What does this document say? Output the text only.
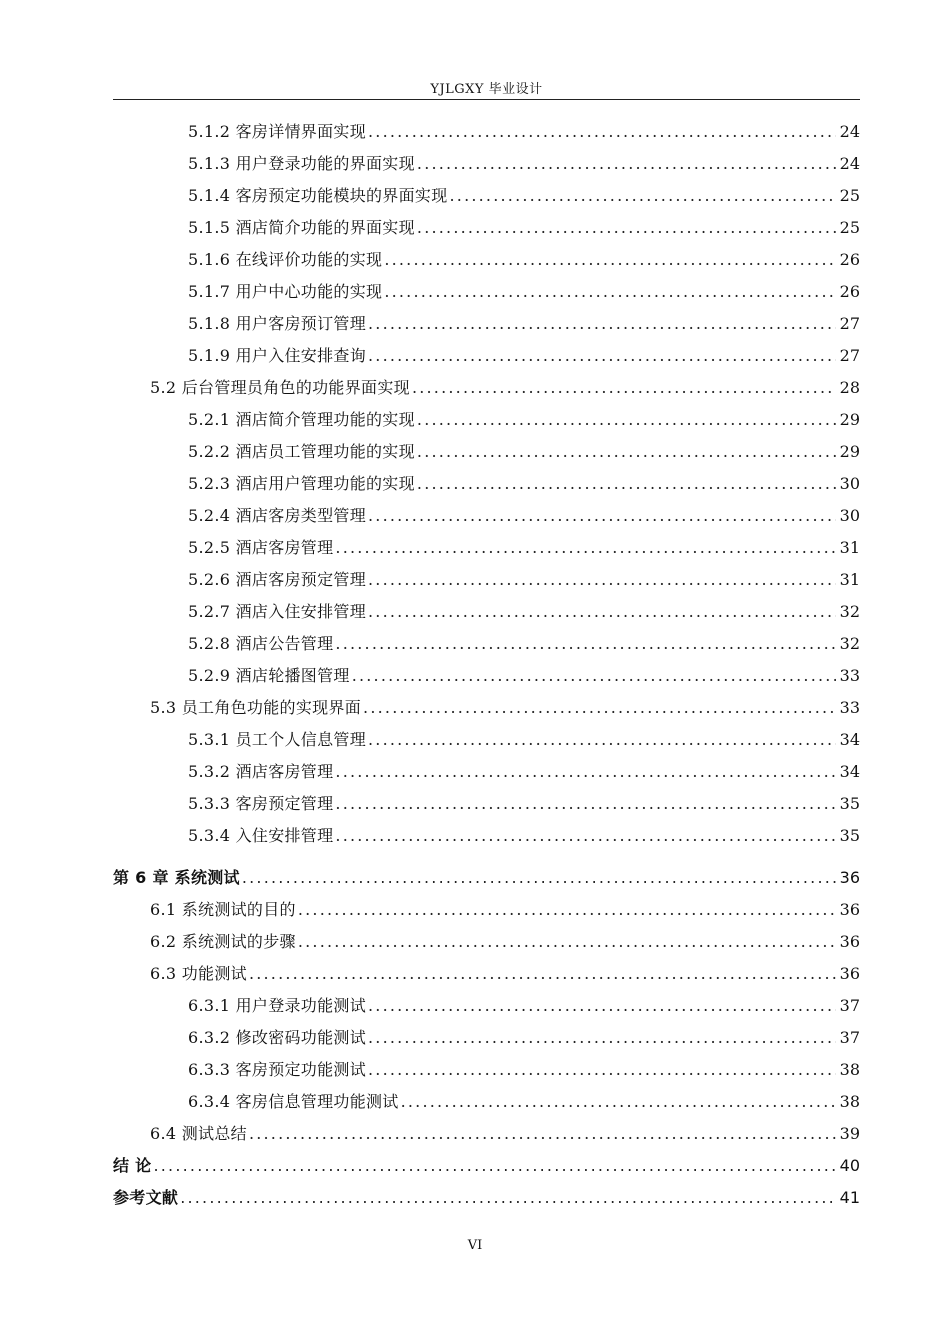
YJLGXY 毕业设计
5.1.2 客房详情界面实现 .....	24
5.1.3 用户登录功能的界面实现 .....	24
5.1.4 客房预定功能模块的界面实现 .....	25
5.1.5 酒店简介功能的界面实现 .....	25
5.1.6 在线评价功能的实现 .....	26
5.1.7 用户中心功能的实现 .....	26
5.1.8 用户客房预订管理 .....	27
5.1.9 用户入住安排查询 .....	27
5.2 后台管理员角色的功能界面实现 .....	28
5.2.1 酒店简介管理功能的实现 .....	29
5.2.2 酒店员工管理功能的实现 .....	29
5.2.3 酒店用户管理功能的实现 .....	30
5.2.4 酒店客房类型管理 .....	30
5.2.5 酒店客房管理 .....	31
5.2.6 酒店客房预定管理 .....	31
5.2.7 酒店入住安排管理 .....	32
5.2.8 酒店公告管理 .....	32
5.2.9 酒店轮播图管理 .....	33
5.3 员工角色功能的实现界面 .....	33
5.3.1 员工个人信息管理 .....	34
5.3.2 酒店客房管理 .....	34
5.3.3 客房预定管理 .....	35
5.3.4 入住安排管理 .....	35
第 6 章 系统测试 .....	36
6.1 系统测试的目的 .....	36
6.2 系统测试的步骤 .....	36
6.3 功能测试 .....	36
6.3.1 用户登录功能测试 .....	37
6.3.2 修改密码功能测试 .....	37
6.3.3 客房预定功能测试 .....	38
6.3.4 客房信息管理功能测试 .....	38
6.4 测试总结 .....	39
结 论 .....	40
参考文献 .....	41
VI
